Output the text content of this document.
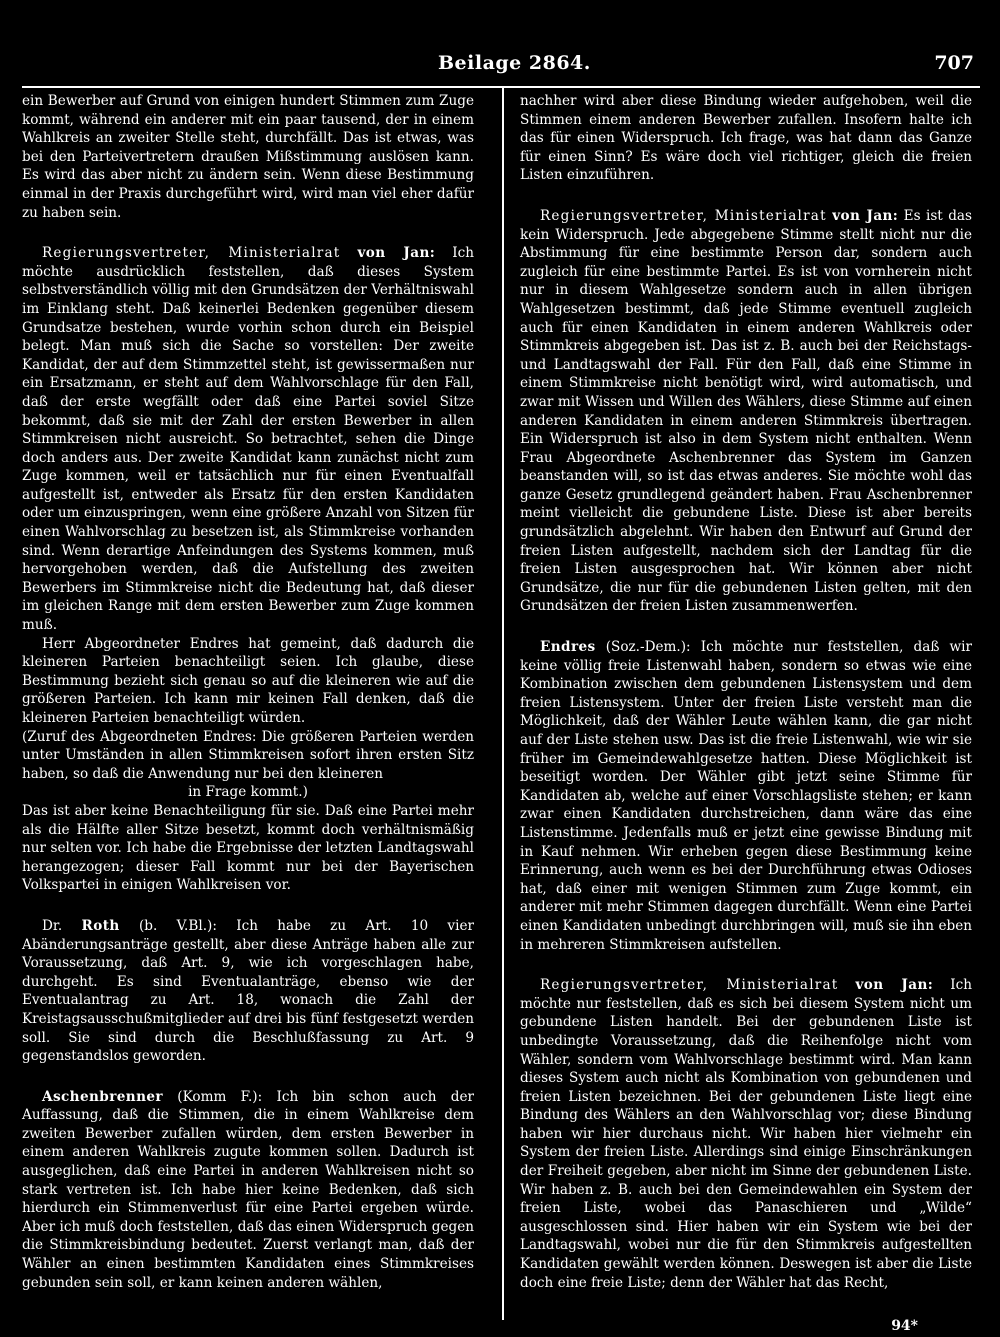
Beilage 2864.	707

ein Bewerber auf Grund von einigen hundert Stimmen zum Zuge kommt, während ein anderer mit ein paar tausend, der in einem Wahlkreis an zweiter Stelle steht, durchfällt. Das ist etwas, was bei den Parteivertretern draußen Mißstimmung auslösen kann. Es wird das aber nicht zu ändern sein. Wenn diese Bestimmung einmal in der Praxis durchgeführt wird, wird man viel eher dafür zu haben sein.

Regierungsvertreter, Ministerialrat von Jan: Ich möchte ausdrücklich feststellen, daß dieses System selbstverständlich völlig mit den Grundsätzen der Verhältniswahl im Einklang steht. Daß keinerlei Bedenken gegenüber diesem Grundsatze bestehen, wurde vorhin schon durch ein Beispiel belegt. Man muß sich die Sache so vorstellen: Der zweite Kandidat, der auf dem Stimmzettel steht, ist gewissermaßen nur ein Ersatzmann, er steht auf dem Wahlvorschlage für den Fall, daß der erste wegfällt oder daß eine Partei soviel Sitze bekommt, daß sie mit der Zahl der ersten Bewerber in allen Stimmkreisen nicht ausreicht. So betrachtet, sehen die Dinge doch anders aus. Der zweite Kandidat kann zunächst nicht zum Zuge kommen, weil er tatsächlich nur für einen Eventualfall aufgestellt ist, entweder als Ersatz für den ersten Kandidaten oder um einzuspringen, wenn eine größere Anzahl von Sitzen für einen Wahlvorschlag zu besetzen ist, als Stimmkreise vorhanden sind. Wenn derartige Anfeindungen des Systems kommen, muß hervorgehoben werden, daß die Aufstellung des zweiten Bewerbers im Stimmkreise nicht die Bedeutung hat, daß dieser im gleichen Range mit dem ersten Bewerber zum Zuge kommen muß.

Herr Abgeordneter Endres hat gemeint, daß dadurch die kleineren Parteien benachteiligt seien. Ich glaube, diese Bestimmung bezieht sich genau so auf die kleineren wie auf die größeren Parteien. Ich kann mir keinen Fall denken, daß die kleineren Parteien benachteiligt würden.

(Zuruf des Abgeordneten Endres: Die größeren Parteien werden unter Umständen in allen Stimmkreisen sofort ihren ersten Sitz haben, so daß die Anwendung nur bei den kleineren

in Frage kommt.)

Das ist aber keine Benachteiligung für sie. Daß eine Partei mehr als die Hälfte aller Sitze besetzt, kommt doch verhältnismäßig nur selten vor. Ich habe die Ergebnisse der letzten Landtagswahl herangezogen; dieser Fall kommt nur bei der Bayerischen Volkspartei in einigen Wahlkreisen vor.

Dr. Roth (b. V.Bl.): Ich habe zu Art. 10 vier Abänderungsanträge gestellt, aber diese Anträge haben alle zur Voraussetzung, daß Art. 9, wie ich vorgeschlagen habe, durchgeht. Es sind Eventualanträge, ebenso wie der Eventualantrag zu Art. 18, wonach die Zahl der Kreistagsausschußmitglieder auf drei bis fünf festgesetzt werden soll. Sie sind durch die Beschlußfassung zu Art. 9 gegenstandslos geworden.

Aschenbrenner (Komm F.): Ich bin schon auch der Auffassung, daß die Stimmen, die in einem Wahlkreise dem zweiten Bewerber zufallen würden, dem ersten Bewerber in einem anderen Wahlkreis zugute kommen sollen. Dadurch ist ausgeglichen, daß eine Partei in anderen Wahlkreisen nicht so stark vertreten ist. Ich habe hier keine Bedenken, daß sich hierdurch ein Stimmenverlust für eine Partei ergeben würde. Aber ich muß doch feststellen, daß das einen Widerspruch gegen die Stimmkreisbindung bedeutet. Zuerst verlangt man, daß der Wähler an einen bestimmten Kandidaten eines Stimmkreises gebunden sein soll, er kann keinen anderen wählen,

nachher wird aber diese Bindung wieder aufgehoben, weil die Stimmen einem anderen Bewerber zufallen. Insofern halte ich das für einen Widerspruch. Ich frage, was hat dann das Ganze für einen Sinn? Es wäre doch viel richtiger, gleich die freien Listen einzuführen.

Regierungsvertreter, Ministerialrat von Jan: Es ist das kein Widerspruch. Jede abgegebene Stimme stellt nicht nur die Abstimmung für eine bestimmte Person dar, sondern auch zugleich für eine bestimmte Partei. Es ist von vornherein nicht nur in diesem Wahlgesetze sondern auch in allen übrigen Wahlgesetzen bestimmt, daß jede Stimme eventuell zugleich auch für einen Kandidaten in einem anderen Wahlkreis oder Stimmkreis abgegeben ist. Das ist z. B. auch bei der Reichstags- und Landtagswahl der Fall. Für den Fall, daß eine Stimme in einem Stimmkreise nicht benötigt wird, wird automatisch, und zwar mit Wissen und Willen des Wählers, diese Stimme auf einen anderen Kandidaten in einem anderen Stimmkreis übertragen. Ein Widerspruch ist also in dem System nicht enthalten. Wenn Frau Abgeordnete Aschenbrenner das System im Ganzen beanstanden will, so ist das etwas anderes. Sie möchte wohl das ganze Gesetz grundlegend geändert haben. Frau Aschenbrenner meint vielleicht die gebundene Liste. Diese ist aber bereits grundsätzlich abgelehnt. Wir haben den Entwurf auf Grund der freien Listen aufgestellt, nachdem sich der Landtag für die freien Listen ausgesprochen hat. Wir können aber nicht Grundsätze, die nur für die gebundenen Listen gelten, mit den Grundsätzen der freien Listen zusammenwerfen.

Endres (Soz.-Dem.): Ich möchte nur feststellen, daß wir keine völlig freie Listenwahl haben, sondern so etwas wie eine Kombination zwischen dem gebundenen Listensystem und dem freien Listensystem. Unter der freien Liste versteht man die Möglichkeit, daß der Wähler Leute wählen kann, die gar nicht auf der Liste stehen usw. Das ist die freie Listenwahl, wie wir sie früher im Gemeindewahlgesetze hatten. Diese Möglichkeit ist beseitigt worden. Der Wähler gibt jetzt seine Stimme für Kandidaten ab, welche auf einer Vorschlagsliste stehen; er kann zwar einen Kandidaten durchstreichen, dann wäre das eine Listenstimme. Jedenfalls muß er jetzt eine gewisse Bindung mit in Kauf nehmen. Wir erheben gegen diese Bestimmung keine Erinnerung, auch wenn es bei der Durchführung etwas Odioses hat, daß einer mit wenigen Stimmen zum Zuge kommt, ein anderer mit mehr Stimmen dagegen durchfällt. Wenn eine Partei einen Kandidaten unbedingt durchbringen will, muß sie ihn eben in mehreren Stimmkreisen aufstellen.

Regierungsvertreter, Ministerialrat von Jan: Ich möchte nur feststellen, daß es sich bei diesem System nicht um gebundene Listen handelt. Bei der gebundenen Liste ist unbedingte Voraussetzung, daß die Reihenfolge nicht vom Wähler, sondern vom Wahlvorschlage bestimmt wird. Man kann dieses System auch nicht als Kombination von gebundenen und freien Listen bezeichnen. Bei der gebundenen Liste liegt eine Bindung des Wählers an den Wahlvorschlag vor; diese Bindung haben wir hier durchaus nicht. Wir haben hier vielmehr ein System der freien Liste. Allerdings sind einige Einschränkungen der Freiheit gegeben, aber nicht im Sinne der gebundenen Liste. Wir haben z. B. auch bei den Gemeindewahlen ein System der freien Liste, wobei das Panaschieren und „Wilde“ ausgeschlossen sind. Hier haben wir ein System wie bei der Landtagswahl, wobei nur die für den Stimmkreis aufgestellten Kandidaten gewählt werden können. Deswegen ist aber die Liste doch eine freie Liste; denn der Wähler hat das Recht,

94*
